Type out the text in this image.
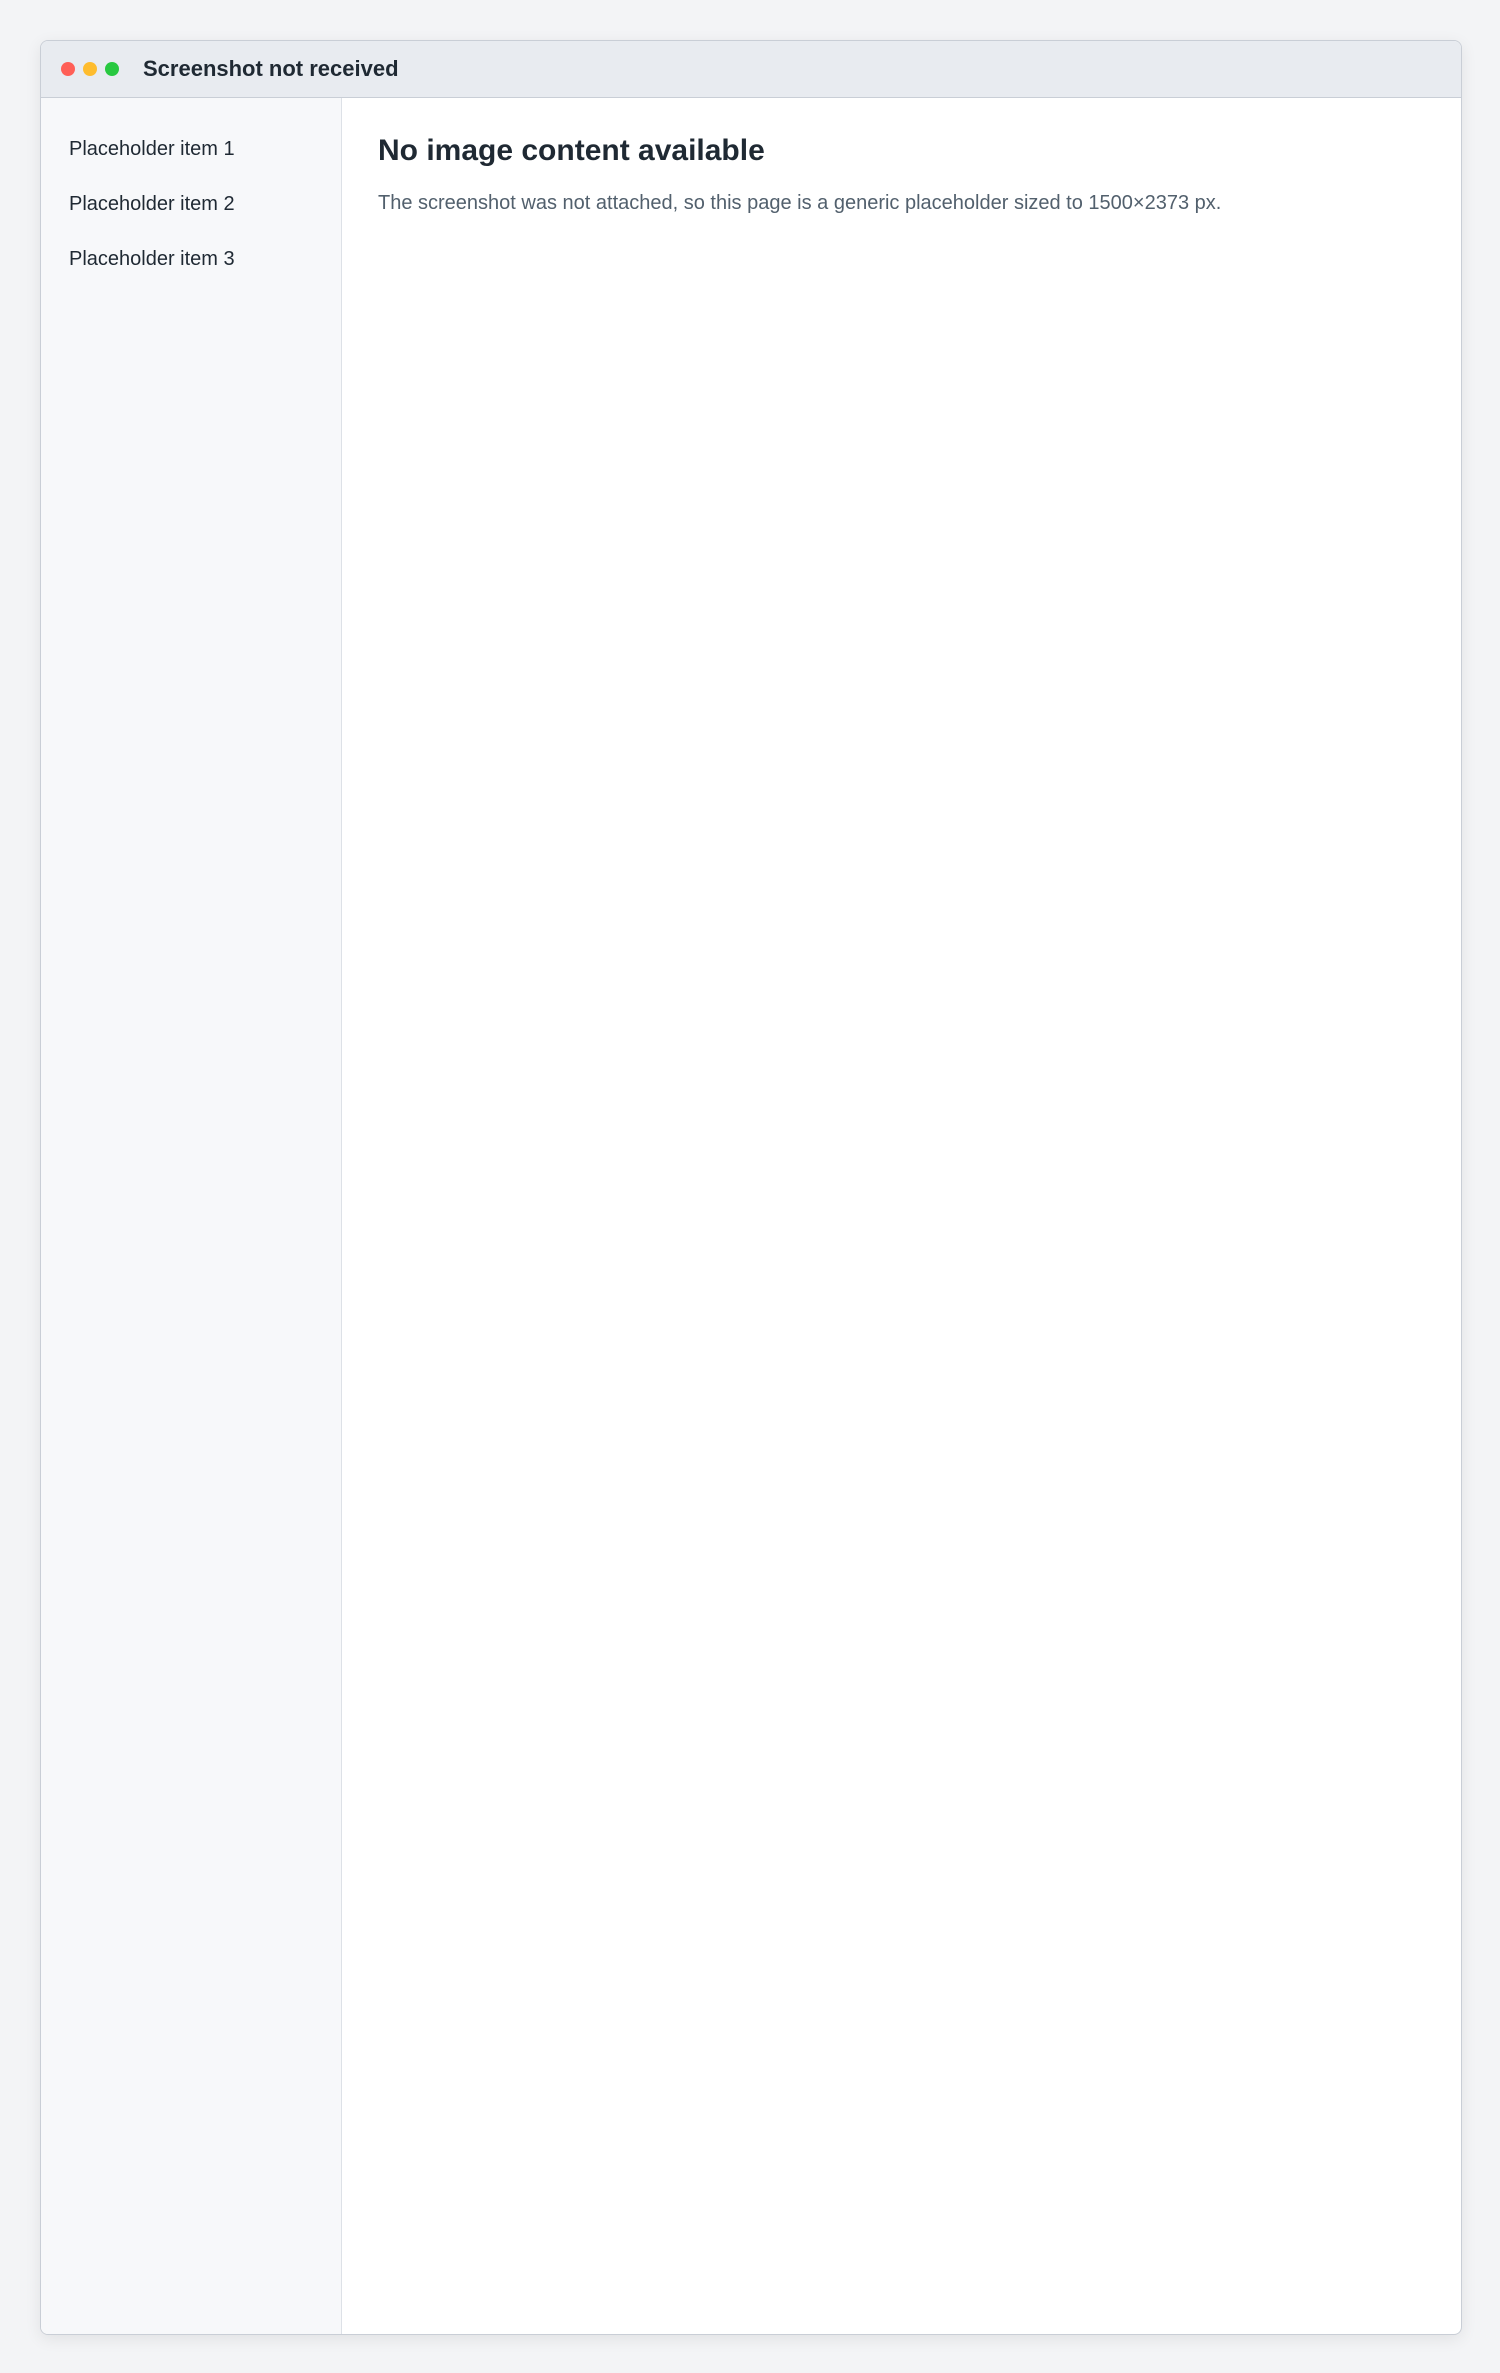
Screenshot not received
Placeholder item 1
Placeholder item 2
Placeholder item 3
No image content available

The screenshot was not attached, so this page is a generic placeholder sized to 1500×2373 px.
